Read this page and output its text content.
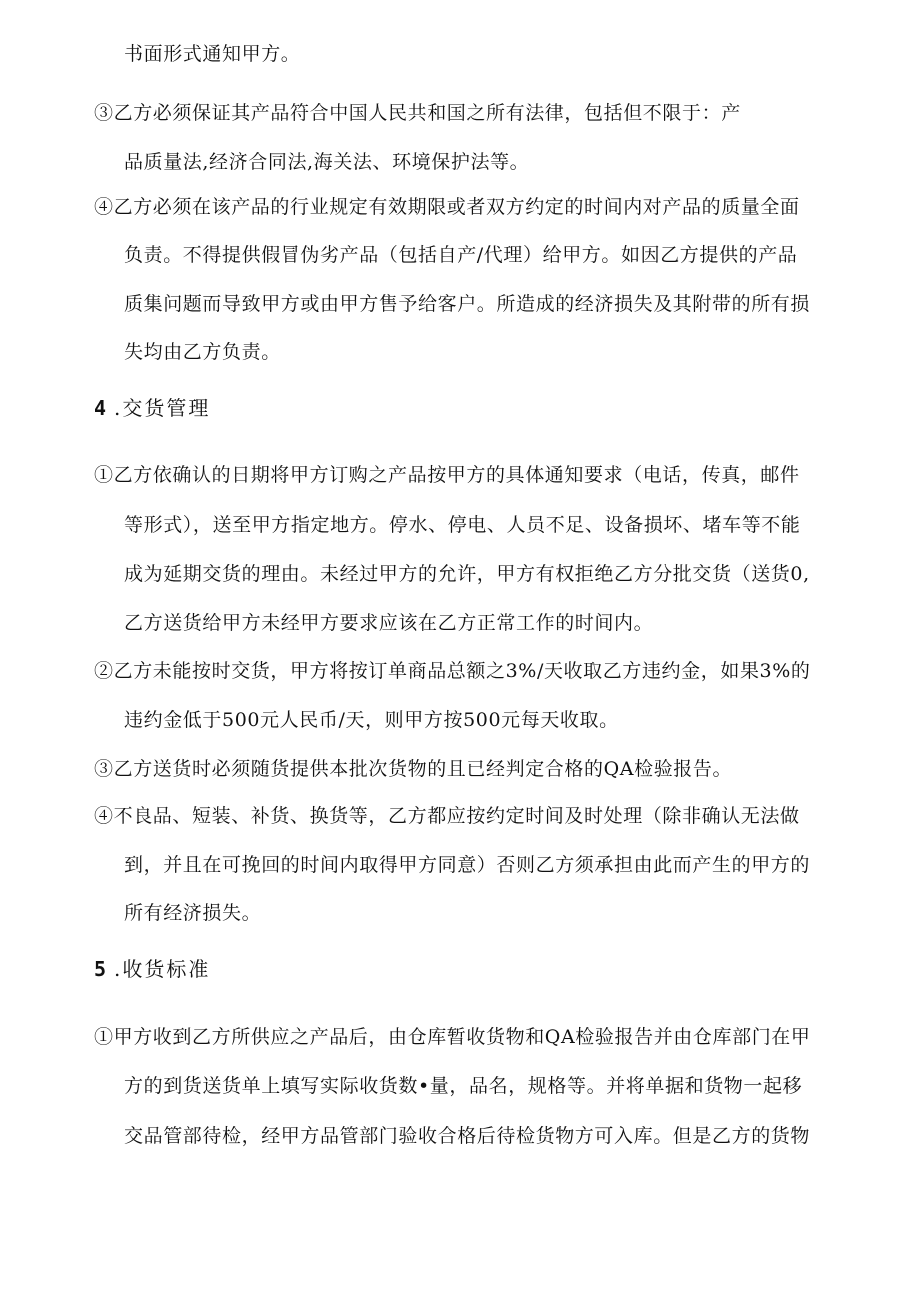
书面形式通知甲方。
③乙方必须保证其产品符合中国人民共和国之所有法律，包括但不限于：产
品质量法,经济合同法,海关法、环境保护法等。
④乙方必须在该产品的行业规定有效期限或者双方约定的时间内对产品的质量全面
负责。不得提供假冒伪劣产品（包括自产/代理）给甲方。如因乙方提供的产品
质集问题而导致甲方或由甲方售予给客户。所造成的经济损失及其附带的所有损
失均由乙方负责。
4 .交货管理
①乙方依确认的日期将甲方订购之产品按甲方的具体通知要求（电话，传真，邮件
等形式），送至甲方指定地方。停水、停电、人员不足、设备损坏、堵车等不能
成为延期交货的理由。未经过甲方的允许，甲方有权拒绝乙方分批交货（送货0,
乙方送货给甲方未经甲方要求应该在乙方正常工作的时间内。
②乙方未能按时交货，甲方将按订单商品总额之3%/天收取乙方违约金，如果3%的
违约金低于500元人民币/天，则甲方按500元每天收取。
③乙方送货时必须随货提供本批次货物的且已经判定合格的QA检验报告。
④不良品、短装、补货、换货等，乙方都应按约定时间及时处理（除非确认无法做
到，并且在可挽回的时间内取得甲方同意）否则乙方须承担由此而产生的甲方的
所有经济损失。
5 .收货标准
①甲方收到乙方所供应之产品后，由仓库暂收货物和QA检验报告并由仓库部门在甲
方的到货送货单上填写实际收货数•量，品名，规格等。并将单据和货物一起移
交品管部待检，经甲方品管部门验收合格后待检货物方可入库。但是乙方的货物
